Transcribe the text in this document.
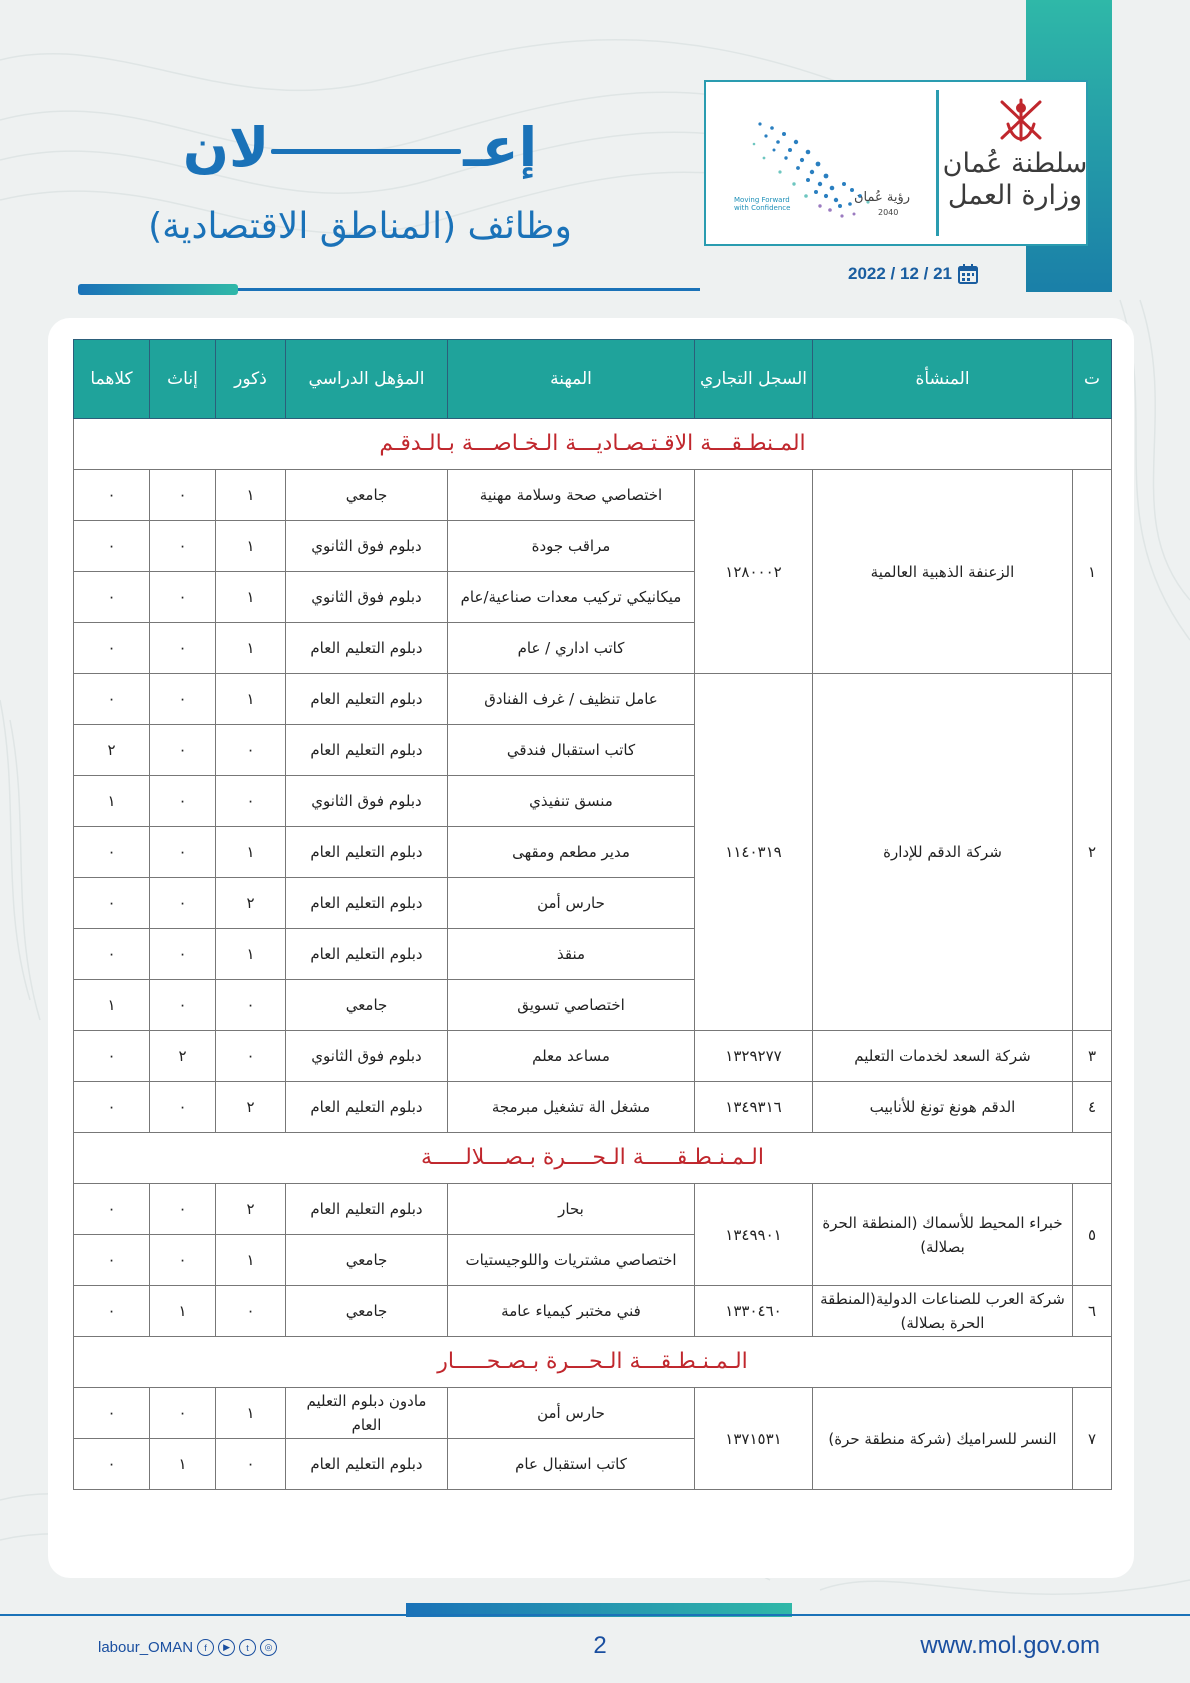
رؤية عُمان
2040
Moving Forward
with Confidence
سلطنة عُمان
وزارة العمل
2022 / 12 / 21
إعـلان
وظائف (المناطق الاقتصادية)
ت	المنشأة	السجل التجاري	المهنة	المؤهل الدراسي	ذكور	إناث	كلاهما
المـنطـقـــة الاقـتـصـاديـــة الـخـاصـــة بـالـدقـم							
١	الزعنفة الذهبية العالمية	١٢٨٠٠٠٢	اختصاصي صحة وسلامة مهنية	جامعي	١	٠	٠
			مراقب جودة	دبلوم فوق الثانوي	١	٠	٠
			ميكانيكي تركيب معدات صناعية/عام	دبلوم فوق الثانوي	١	٠	٠
			كاتب اداري / عام	دبلوم التعليم العام	١	٠	٠
٢	شركة الدقم للإدارة	١١٤٠٣١٩	عامل تنظيف / غرف الفنادق	دبلوم التعليم العام	١	٠	٠
			كاتب استقبال فندقي	دبلوم التعليم العام	٠	٠	٢
			منسق تنفيذي	دبلوم فوق الثانوي	٠	٠	١
			مدير مطعم ومقهى	دبلوم التعليم العام	١	٠	٠
			حارس أمن	دبلوم التعليم العام	٢	٠	٠
			منقذ	دبلوم التعليم العام	١	٠	٠
			اختصاصي تسويق	جامعي	٠	٠	١
٣	شركة السعد لخدمات التعليم	١٣٢٩٢٧٧	مساعد معلم	دبلوم فوق الثانوي	٠	٢	٠
٤	الدقم هونغ تونغ للأنابيب	١٣٤٩٣١٦	مشغل الة تشغيل مبرمجة	دبلوم التعليم العام	٢	٠	٠
الـمـنـطـقـــــة الـحــــرة بـصـــلالـــــة							
٥	خبراء المحيط للأسماك (المنطقة الحرة بصلالة)	١٣٤٩٩٠١	بحار	دبلوم التعليم العام	٢	٠	٠
			اختصاصي مشتريات واللوجيستيات	جامعي	١	٠	٠
٦	شركة العرب للصناعات الدولية(المنطقة الحرة بصلالة)	١٣٣٠٤٦٠	فني مختبر كيمياء عامة	جامعي	٠	١	٠
الـمـنـطـقـــة الـحـــرة بـصـحـــــار							
٧	النسر للسراميك (شركة منطقة حرة)	١٣٧١٥٣١	حارس أمن	مادون دبلوم التعليم العام	١	٠	٠
			كاتب استقبال عام	دبلوم التعليم العام	٠	١	٠
labour_OMAN	f	▶	t	◎	2	www.mol.gov.om
